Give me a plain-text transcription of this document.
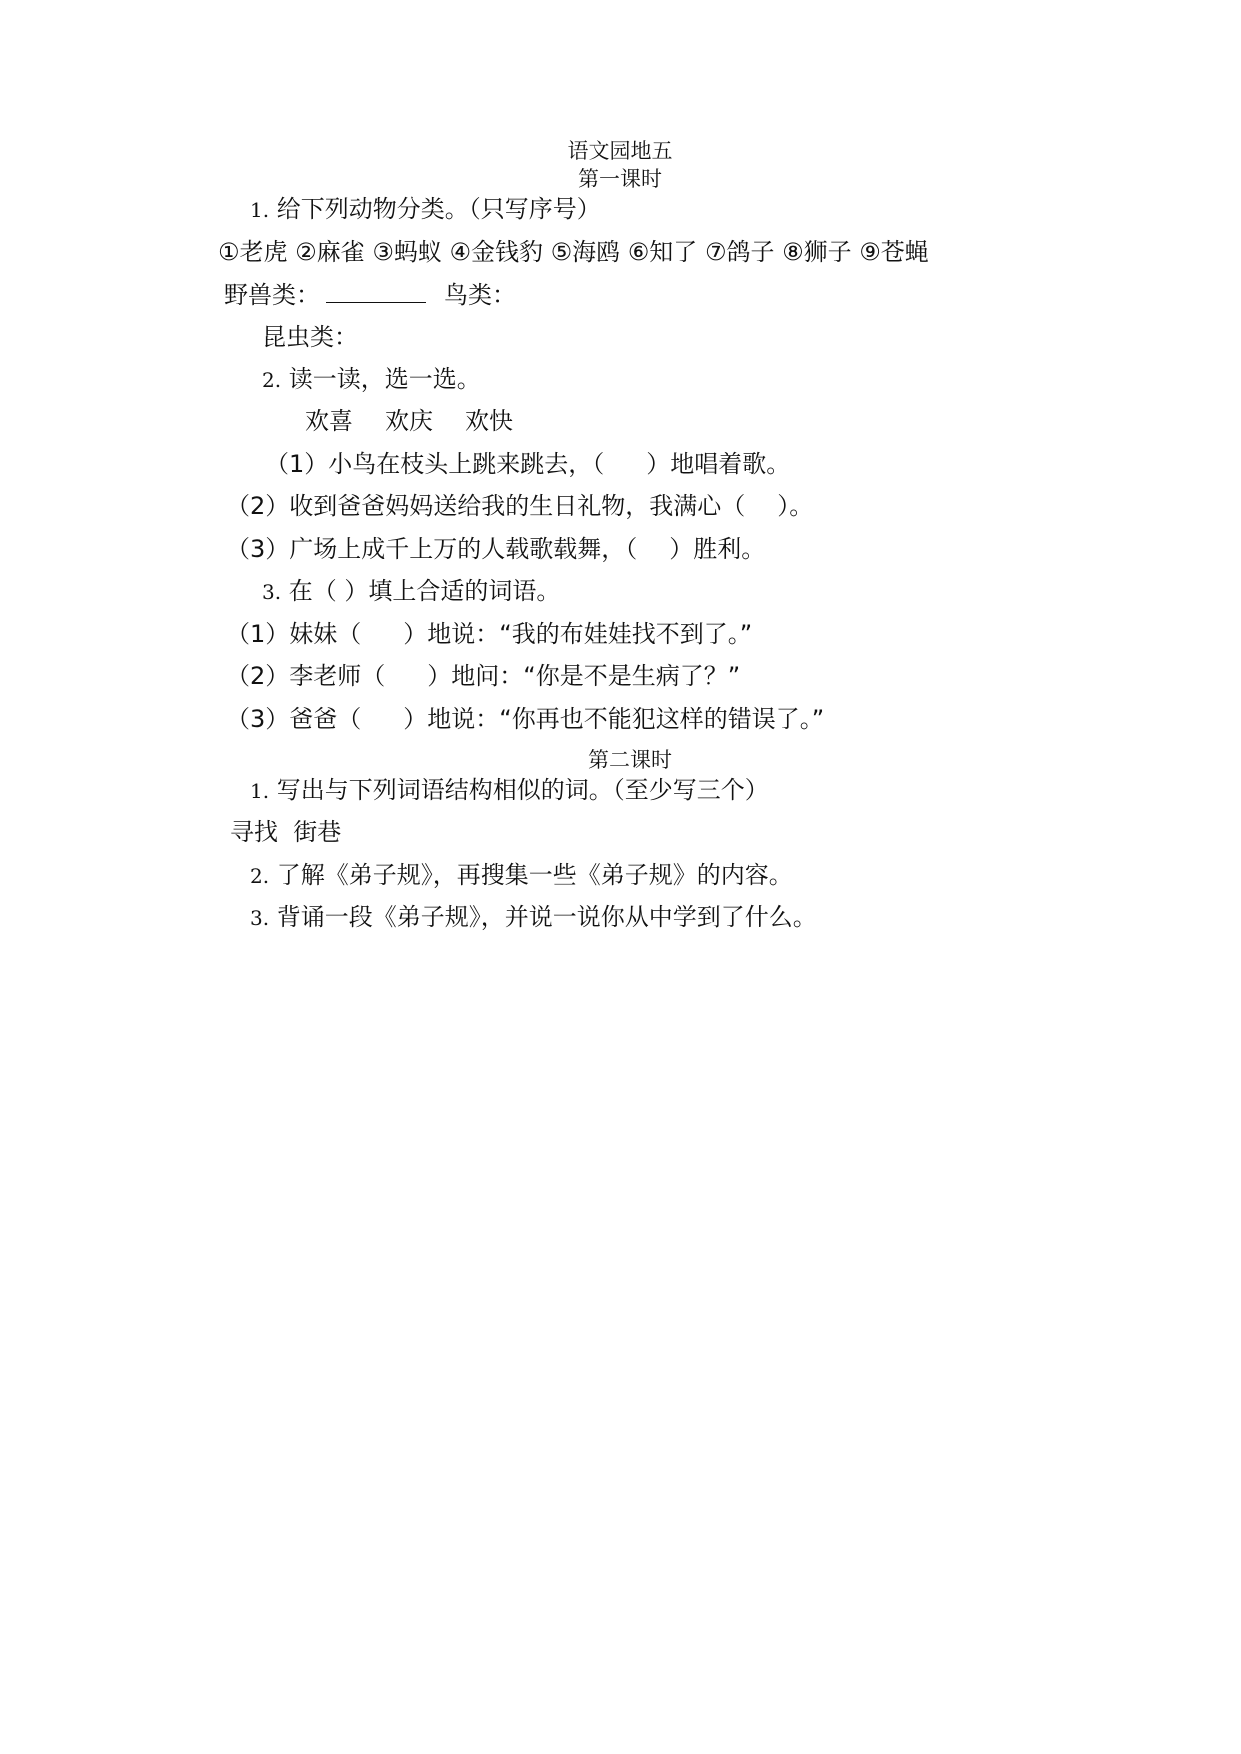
语文园地五
第一课时
1. 给下列动物分类。（只写序号）
①老虎 ②麻雀 ③蚂蚁 ④金钱豹 ⑤海鸥 ⑥知了 ⑦鸽子 ⑧狮子 ⑨苍蝇
野兽类：	鸟类：
昆虫类：
2. 读一读，选一选。
欢喜 欢庆 欢快
（1）小鸟在枝头上跳来跳去，（ ）地唱着歌。
（2）收到爸爸妈妈送给我的生日礼物，我满心（ ）。
（3）广场上成千上万的人载歌载舞，（ ）胜利。
3. 在（ ）填上合适的词语。
（1）妹妹（ ）地说：“我的布娃娃找不到了。”
（2）李老师（ ）地问：“你是不是生病了？”
（3）爸爸（ ）地说：“你再也不能犯这样的错误了。”
第二课时
1. 写出与下列词语结构相似的词。（至少写三个）
寻找  街巷
2. 了解《弟子规》，再搜集一些《弟子规》的内容。
3. 背诵一段《弟子规》，并说一说你从中学到了什么。
